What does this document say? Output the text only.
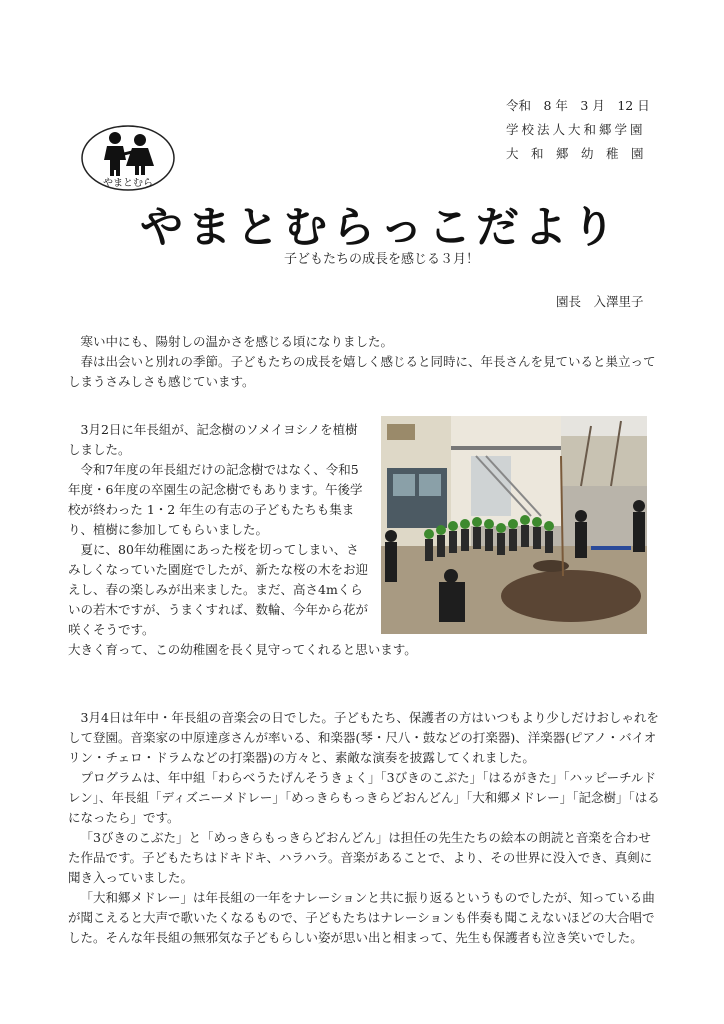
令和　8 年　3 月　12 日
学校法人大和郷学園
大　和　郷　幼　稚　園
やまとむら
やまとむらっこだより
子どもたちの成長を感じる３月！
園長　入澤里子

寒い中にも、陽射しの温かさを感じる頃になりました。

春は出会いと別れの季節。子どもたちの成長を嬉しく感じると同時に、年長さんを見ていると巣立ってしまうさみしさも感じています。

3月2日に年長組が、記念樹のソメイヨシノを植樹しました。

令和7年度の年長組だけの記念樹ではなく、令和5年度・6年度の卒園生の記念樹でもあります。午後学校が終わった 1・2 年生の有志の子どもたちも集まり、植樹に参加してもらいました。

夏に、80年幼稚園にあった桜を切ってしまい、さみしくなっていた園庭でしたが、新たな桜の木をお迎えし、春の楽しみが出来ました。まだ、高さ4mくらいの若木ですが、うまくすれば、数輪、今年から花が咲くそうです。

大きく育って、この幼稚園を長く見守ってくれると思います。

3月4日は年中・年長組の音楽会の日でした。子どもたち、保護者の方はいつもより少しだけおしゃれをして登園。音楽家の中原達彦さんが率いる、和楽器(琴・尺八・鼓などの打楽器)、洋楽器(ピアノ・バイオリン・チェロ・ドラムなどの打楽器)の方々と、素敵な演奏を披露してくれました。

プログラムは、年中組「わらべうたげんそうきょく」「3びきのこぶた」「はるがきた」「ハッピーチルドレン」、年長組「ディズニーメドレー」「めっきらもっきらどおんどん」「大和郷メドレー」「記念樹」「はるになったら」です。

「3びきのこぶた」と「めっきらもっきらどおんどん」は担任の先生たちの絵本の朗読と音楽を合わせた作品です。子どもたちはドキドキ、ハラハラ。音楽があることで、より、その世界に没入でき、真剣に聞き入っていました。

「大和郷メドレー」は年長組の一年をナレーションと共に振り返るというものでしたが、知っている曲が聞こえると大声で歌いたくなるもので、子どもたちはナレーションも伴奏も聞こえないほどの大合唱でした。そんな年長組の無邪気な子どもらしい姿が思い出と相まって、先生も保護者も泣き笑いでした。
